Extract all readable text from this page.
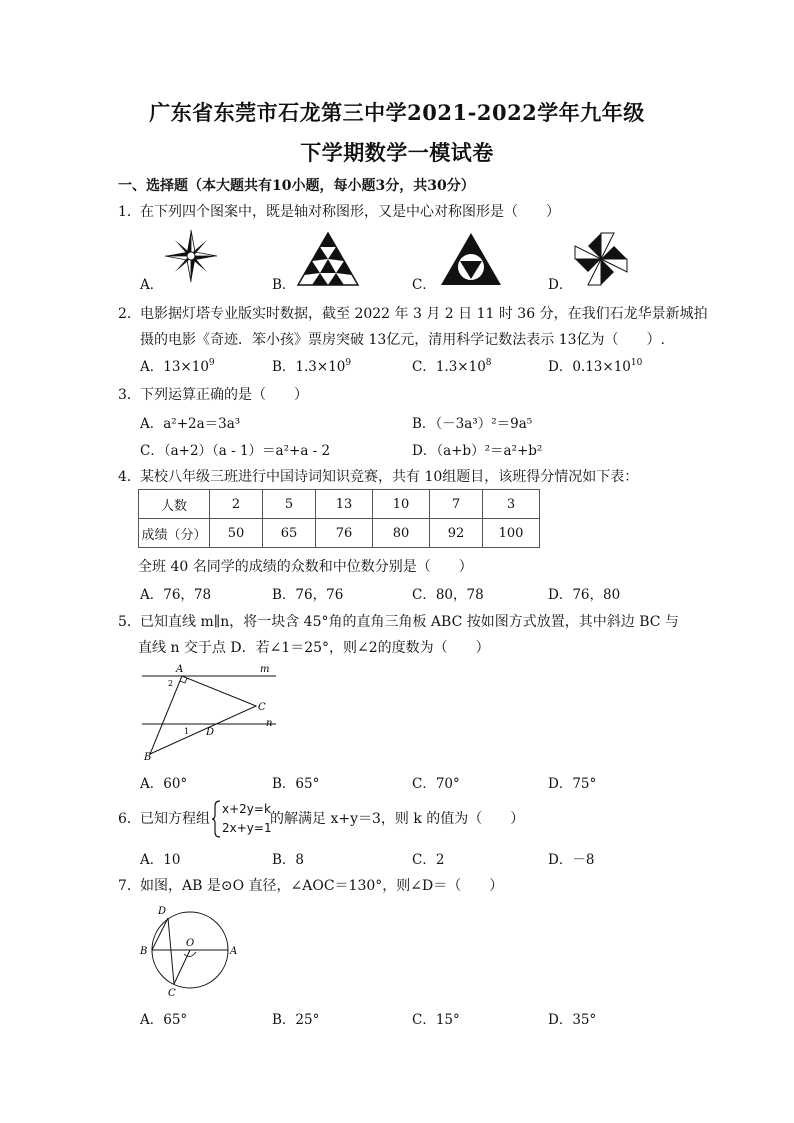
广东省东莞市石龙第三中学2021-2022学年九年级
下学期数学一模试卷
一、选择题（本大题共有10小题，每小题3分，共30分）
1．在下列四个图案中，既是轴对称图形，又是中心对称图形是（　　）
A．	B．	C．	D．
2．电影据灯塔专业版实时数据，截至 2022 年 3 月 2 日 11 时 36 分，在我们石龙华景新城拍
摄的电影《奇迹．笨小孩》票房突破 13亿元，清用科学记数法表示 13亿为（　　）.
A．$13\times 10^9$	B．$1.3\times 10^9$	C．$1.3\times 10^8$	D．$0.13\times 10^{10}$
3．下列运算正确的是（　　）
A．a²+2a＝3a³	B．（－3a³）²＝9a⁵
C．（a+2）（a - 1）＝a²+a - 2	D．（a+b）²＝a²+b²
4．某校八年级三班进行中国诗词知识竞赛，共有 10组题目，该班得分情况如下表：
人数	2	5	13	10	7	3
成绩（分）	50	65	76	80	92	100
全班 40 名同学的成绩的众数和中位数分别是（　　）
A．76，78	B．76，76	C．80，78	D．76，80
5．已知直线 m∥n，将一块含 45°角的直角三角板 ABC 按如图方式放置，其中斜边 BC 与
直线 n 交于点 D．若∠1＝25°，则∠2的度数为（　　）
A	m
C
n
D
B
1
2
A．60°	B．65°	C．70°	D．75°
6．已知方程组
x+2y=k
2x+y=1
的解满足 x+y＝3，则 k 的值为（　　）
A．10	B．8	C．2	D．－8
7．如图，AB 是⊙O 直径，∠AOC＝130°，则∠D＝（　　）
D
B
O
A
C
A．65°	B．25°	C．15°	D．35°
